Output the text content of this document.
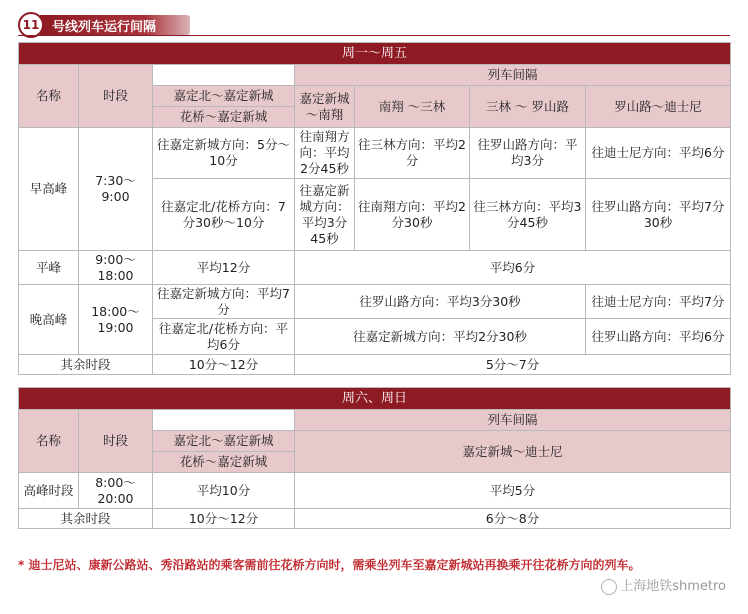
11 号线列车运行间隔
周一～周五						
名称	时段		列车间隔			
		嘉定北～嘉定新城	嘉定新城～南翔	南翔 ～三林	三林 ～ 罗山路	罗山路～迪士尼
		花桥～嘉定新城				
早高峰	7:30～9:00	往嘉定新城方向：5分～10分	往南翔方向：平均2分45秒	往三林方向：平均2分	往罗山路方向：平均3分	往迪士尼方向：平均6分
		往嘉定北/花桥方向：7分30秒～10分	往嘉定新城方向：平均3分45秒	往南翔方向：平均2分30秒	往三林方向：平均3分45秒	往罗山路方向：平均7分30秒
平峰	9:00～18:00	平均12分	平均6分			
晚高峰	18:00～19:00	往嘉定新城方向：平均7分	往罗山路方向：平均3分30秒			往迪士尼方向：平均7分
		往嘉定北/花桥方向：平均6分	往嘉定新城方向：平均2分30秒			往罗山路方向：平均6分
其余时段		10分～12分	5分～7分			
周六、周日			
名称	时段		列车间隔
		嘉定北～嘉定新城	嘉定新城～迪士尼
		花桥～嘉定新城	
高峰时段	8:00～20:00	平均10分	平均5分
其余时段		10分～12分	6分～8分
* 迪士尼站、康新公路站、秀沿路站的乘客需前往花桥方向时，需乘坐列车至嘉定新城站再换乘开往花桥方向的列车。
上海地铁shmetro
